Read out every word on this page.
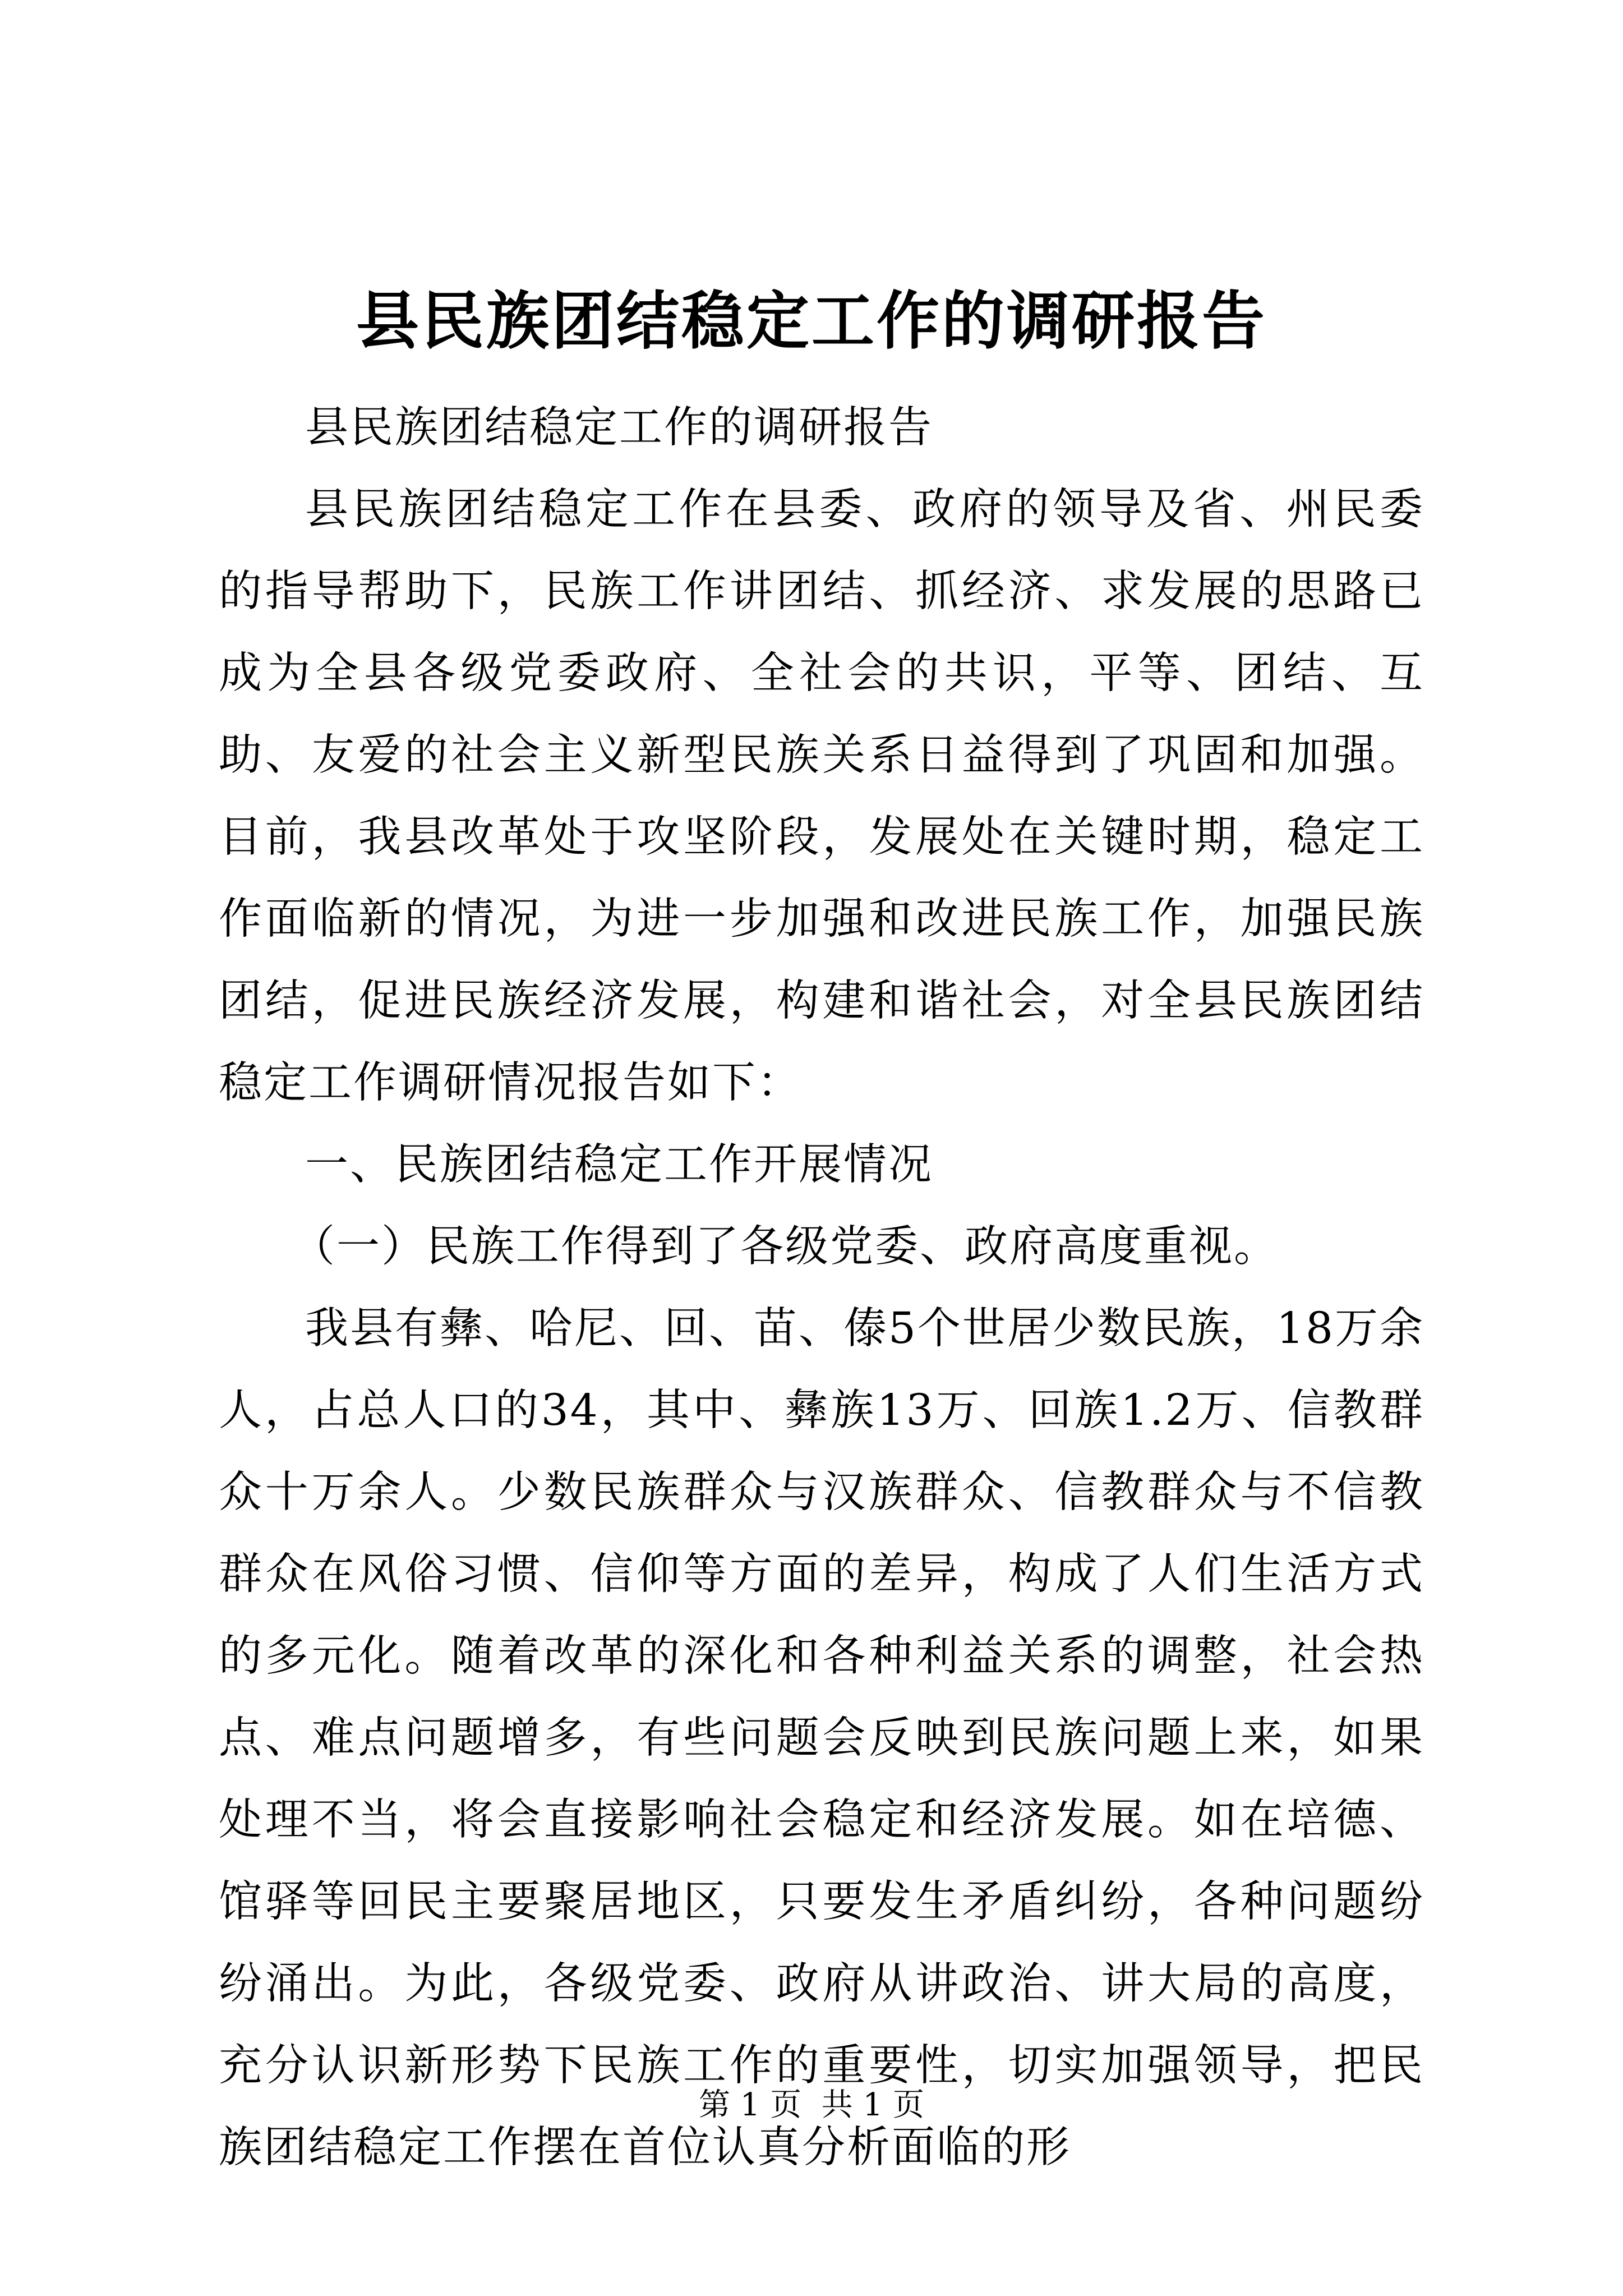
县民族团结稳定工作的调研报告

县民族团结稳定工作的调研报告

县民族团结稳定工作在县委、政府的领导及省、州民委的指导帮助下，民族工作讲团结、抓经济、求发展的思路已成为全县各级党委政府、全社会的共识，平等、团结、互助、友爱的社会主义新型民族关系日益得到了巩固和加强。目前，我县改革处于攻坚阶段，发展处在关键时期，稳定工作面临新的情况，为进一步加强和改进民族工作，加强民族团结，促进民族经济发展，构建和谐社会，对全县民族团结稳定工作调研情况报告如下：

一、民族团结稳定工作开展情况

（一）民族工作得到了各级党委、政府高度重视。

我县有彝、哈尼、回、苗、傣5个世居少数民族，18万余人，占总人口的34，其中、彝族13万、回族1.2万、信教群众十万余人。少数民族群众与汉族群众、信教群众与不信教群众在风俗习惯、信仰等方面的差异，构成了人们生活方式的多元化。随着改革的深化和各种利益关系的调整，社会热点、难点问题增多，有些问题会反映到民族问题上来，如果处理不当，将会直接影响社会稳定和经济发展。如在培德、馆驿等回民主要聚居地区，只要发生矛盾纠纷，各种问题纷纷涌出。为此，各级党委、政府从讲政治、讲大局的高度，充分认识新形势下民族工作的重要性，切实加强领导，把民族团结稳定工作摆在首位认真分析面临的形

第 1 页  共 1 页
